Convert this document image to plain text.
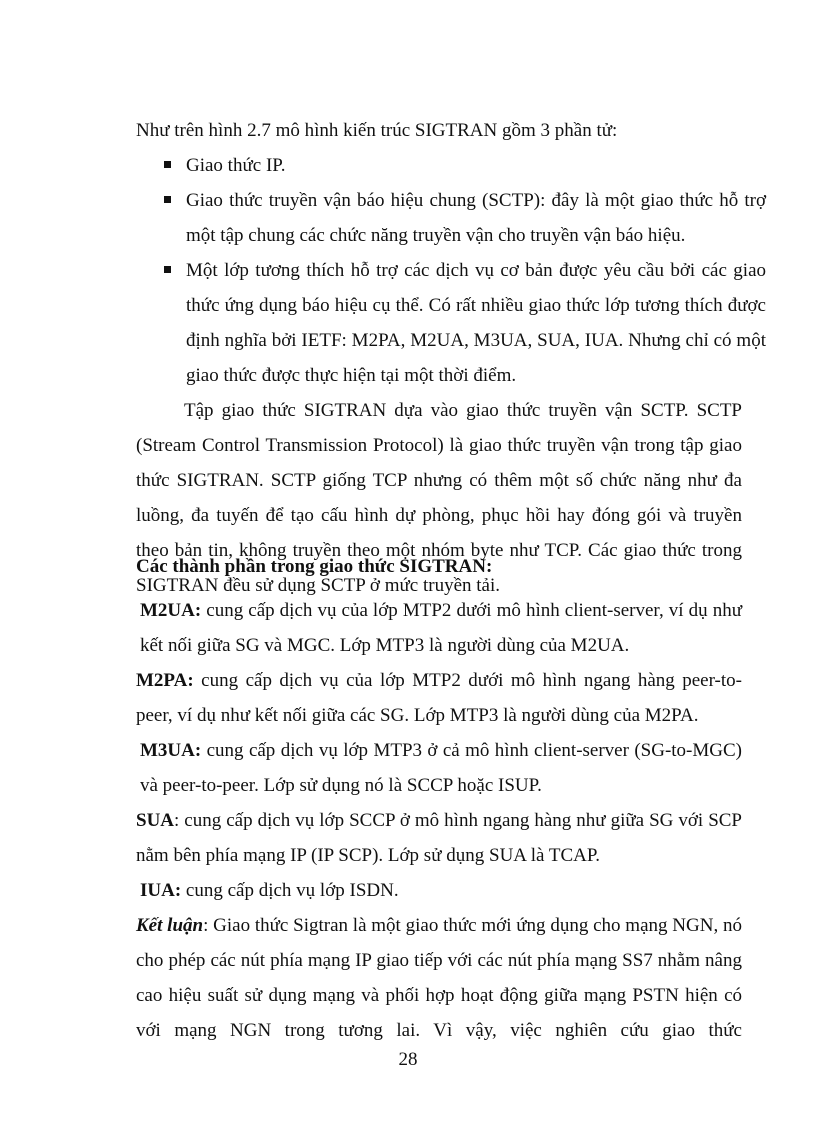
Như trên hình 2.7 mô hình kiến trúc SIGTRAN gồm 3 phần tử:

Giao thức IP.

Giao thức truyền vận báo hiệu chung (SCTP): đây là một giao thức hỗ trợ một tập chung các chức năng truyền vận cho truyền vận báo hiệu.

Một lớp tương thích hỗ trợ các dịch vụ cơ bản được yêu cầu bởi các giao thức ứng dụng báo hiệu cụ thể. Có rất nhiều giao thức lớp tương thích được định nghĩa bởi IETF: M2PA, M2UA, M3UA, SUA, IUA. Nhưng chỉ có một giao thức được thực hiện tại một thời điểm.

Tập giao thức SIGTRAN dựa vào giao thức truyền vận SCTP. SCTP (Stream Control Transmission Protocol) là giao thức truyền vận trong tập giao thức SIGTRAN. SCTP giống TCP nhưng có thêm một số chức năng như đa luồng, đa tuyến để tạo cấu hình dự phòng, phục hồi hay đóng gói và truyền theo bản tin, không truyền theo một nhóm byte như TCP. Các giao thức trong SIGTRAN đều sử dụng SCTP ở mức truyền tải.

Các thành phần trong giao thức SIGTRAN:

M2UA: cung cấp dịch vụ của lớp MTP2 dưới mô hình client-server, ví dụ như kết nối giữa SG và MGC. Lớp MTP3 là người dùng của M2UA.

M2PA: cung cấp dịch vụ của lớp MTP2 dưới mô hình ngang hàng peer-to-peer, ví dụ như kết nối giữa các SG. Lớp MTP3 là người dùng của M2PA.

M3UA: cung cấp dịch vụ lớp MTP3 ở cả mô hình client-server (SG-to-MGC) và peer-to-peer. Lớp sử dụng nó là SCCP hoặc ISUP.

SUA: cung cấp dịch vụ lớp SCCP ở mô hình ngang hàng như giữa SG với SCP nằm bên phía mạng IP (IP SCP). Lớp sử dụng SUA là TCAP.

IUA: cung cấp dịch vụ lớp ISDN.

Kết luận: Giao thức Sigtran là một giao thức mới ứng dụng cho mạng NGN, nó cho phép các nút phía mạng IP giao tiếp với các nút phía mạng SS7 nhằm nâng cao hiệu suất sử dụng mạng và phối hợp hoạt động giữa mạng PSTN hiện có với mạng NGN trong tương lai. Vì vậy, việc nghiên cứu giao thức

28
